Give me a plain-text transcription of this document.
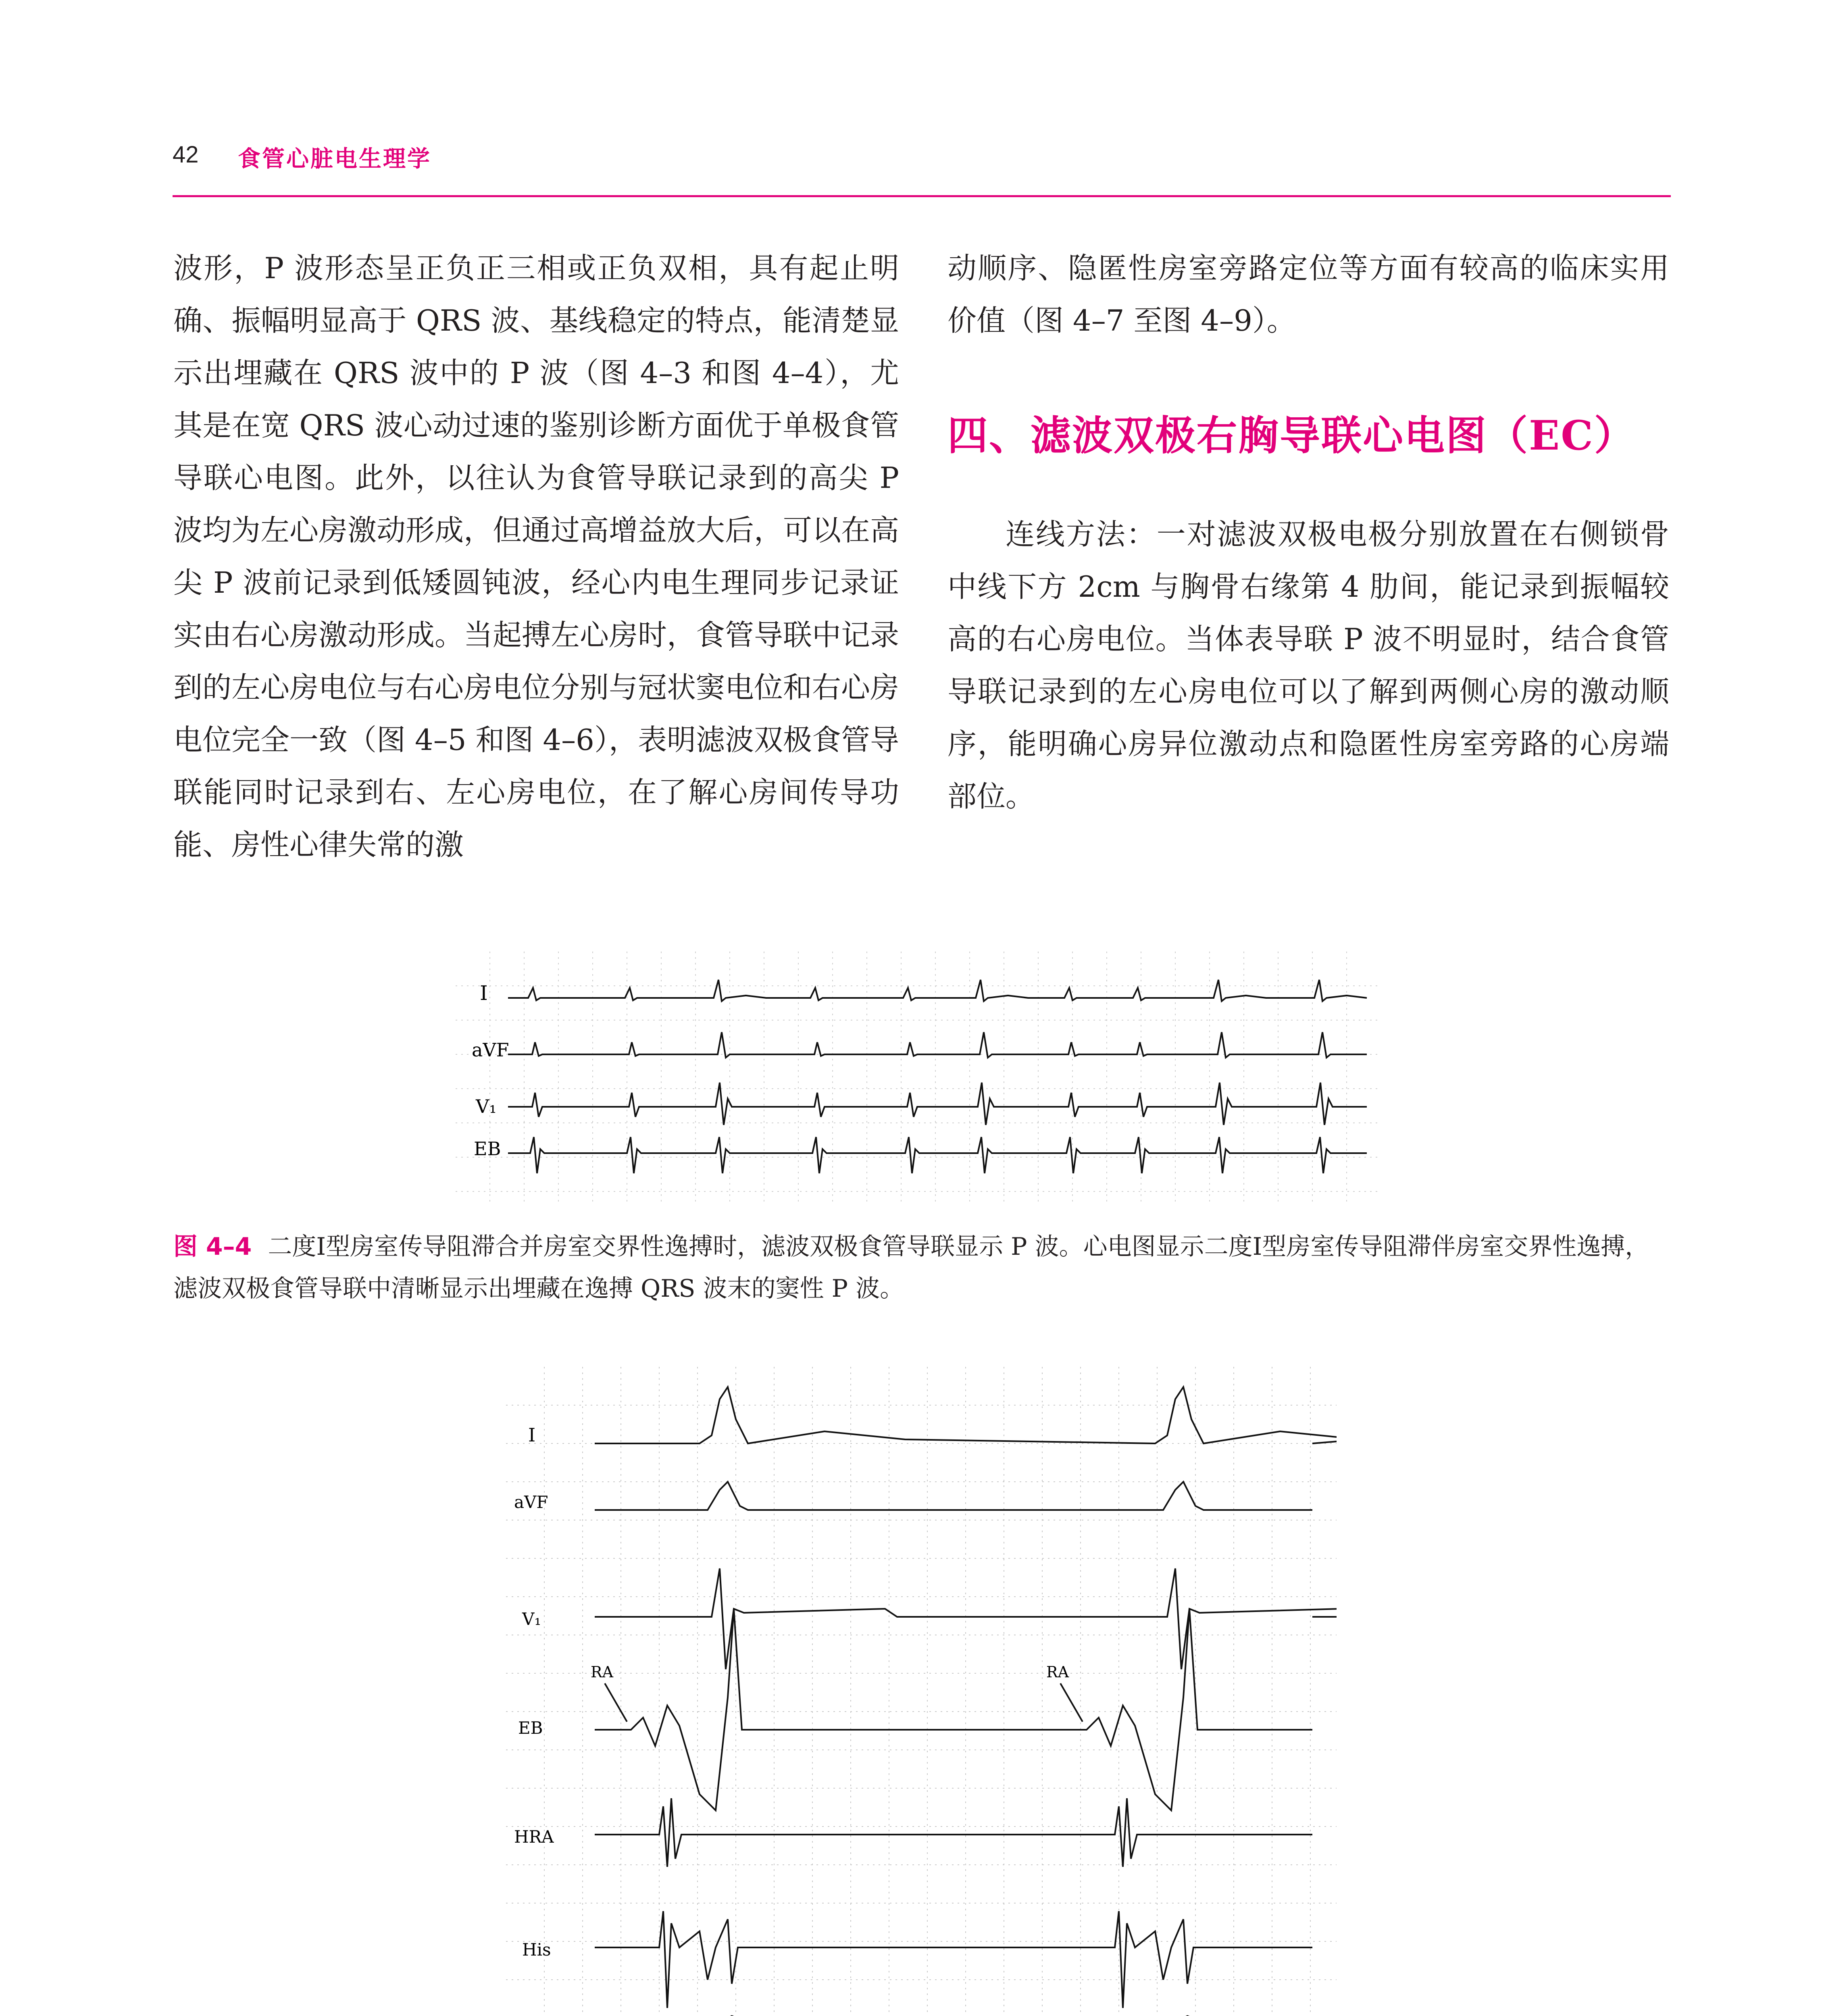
42 食管心脏电生理学
波形，P 波形态呈正负正三相或正负双相，具有起止明确、振幅明显高于 QRS 波、基线稳定的特点，能清楚显示出埋藏在 QRS 波中的 P 波（图 4–3 和图 4–4），尤其是在宽 QRS 波心动过速的鉴别诊断方面优于单极食管导联心电图。此外，以往认为食管导联记录到的高尖 P 波均为左心房激动形成，但通过高增益放大后，可以在高尖 P 波前记录到低矮圆钝波，经心内电生理同步记录证实由右心房激动形成。当起搏左心房时，食管导联中记录到的左心房电位与右心房电位分别与冠状窦电位和右心房电位完全一致（图 4–5 和图 4–6），表明滤波双极食管导联能同时记录到右、左心房电位，在了解心房间传导功能、房性心律失常的激
动顺序、隐匿性房室旁路定位等方面有较高的临床实用价值（图 4–7 至图 4–9）。
四、滤波双极右胸导联心电图（EC）
连线方法：一对滤波双极电极分别放置在右侧锁骨中线下方 2cm 与胸骨右缘第 4 肋间，能记录到振幅较高的右心房电位。当体表导联 P 波不明显时，结合食管导联记录到的左心房电位可以了解到两侧心房的激动顺序，能明确心房异位激动点和隐匿性房室旁路的心房端部位。
I
aVF
V₁
EB
图 4–4 二度Ⅰ型房室传导阻滞合并房室交界性逸搏时，滤波双极食管导联显示 P 波。心电图显示二度Ⅰ型房室传导阻滞伴房室交界性逸搏，滤波双极食管导联中清晰显示出埋藏在逸搏 QRS 波末的窦性 P 波。
I
aVF
V₁
EB
HRA
His
RA	RA
